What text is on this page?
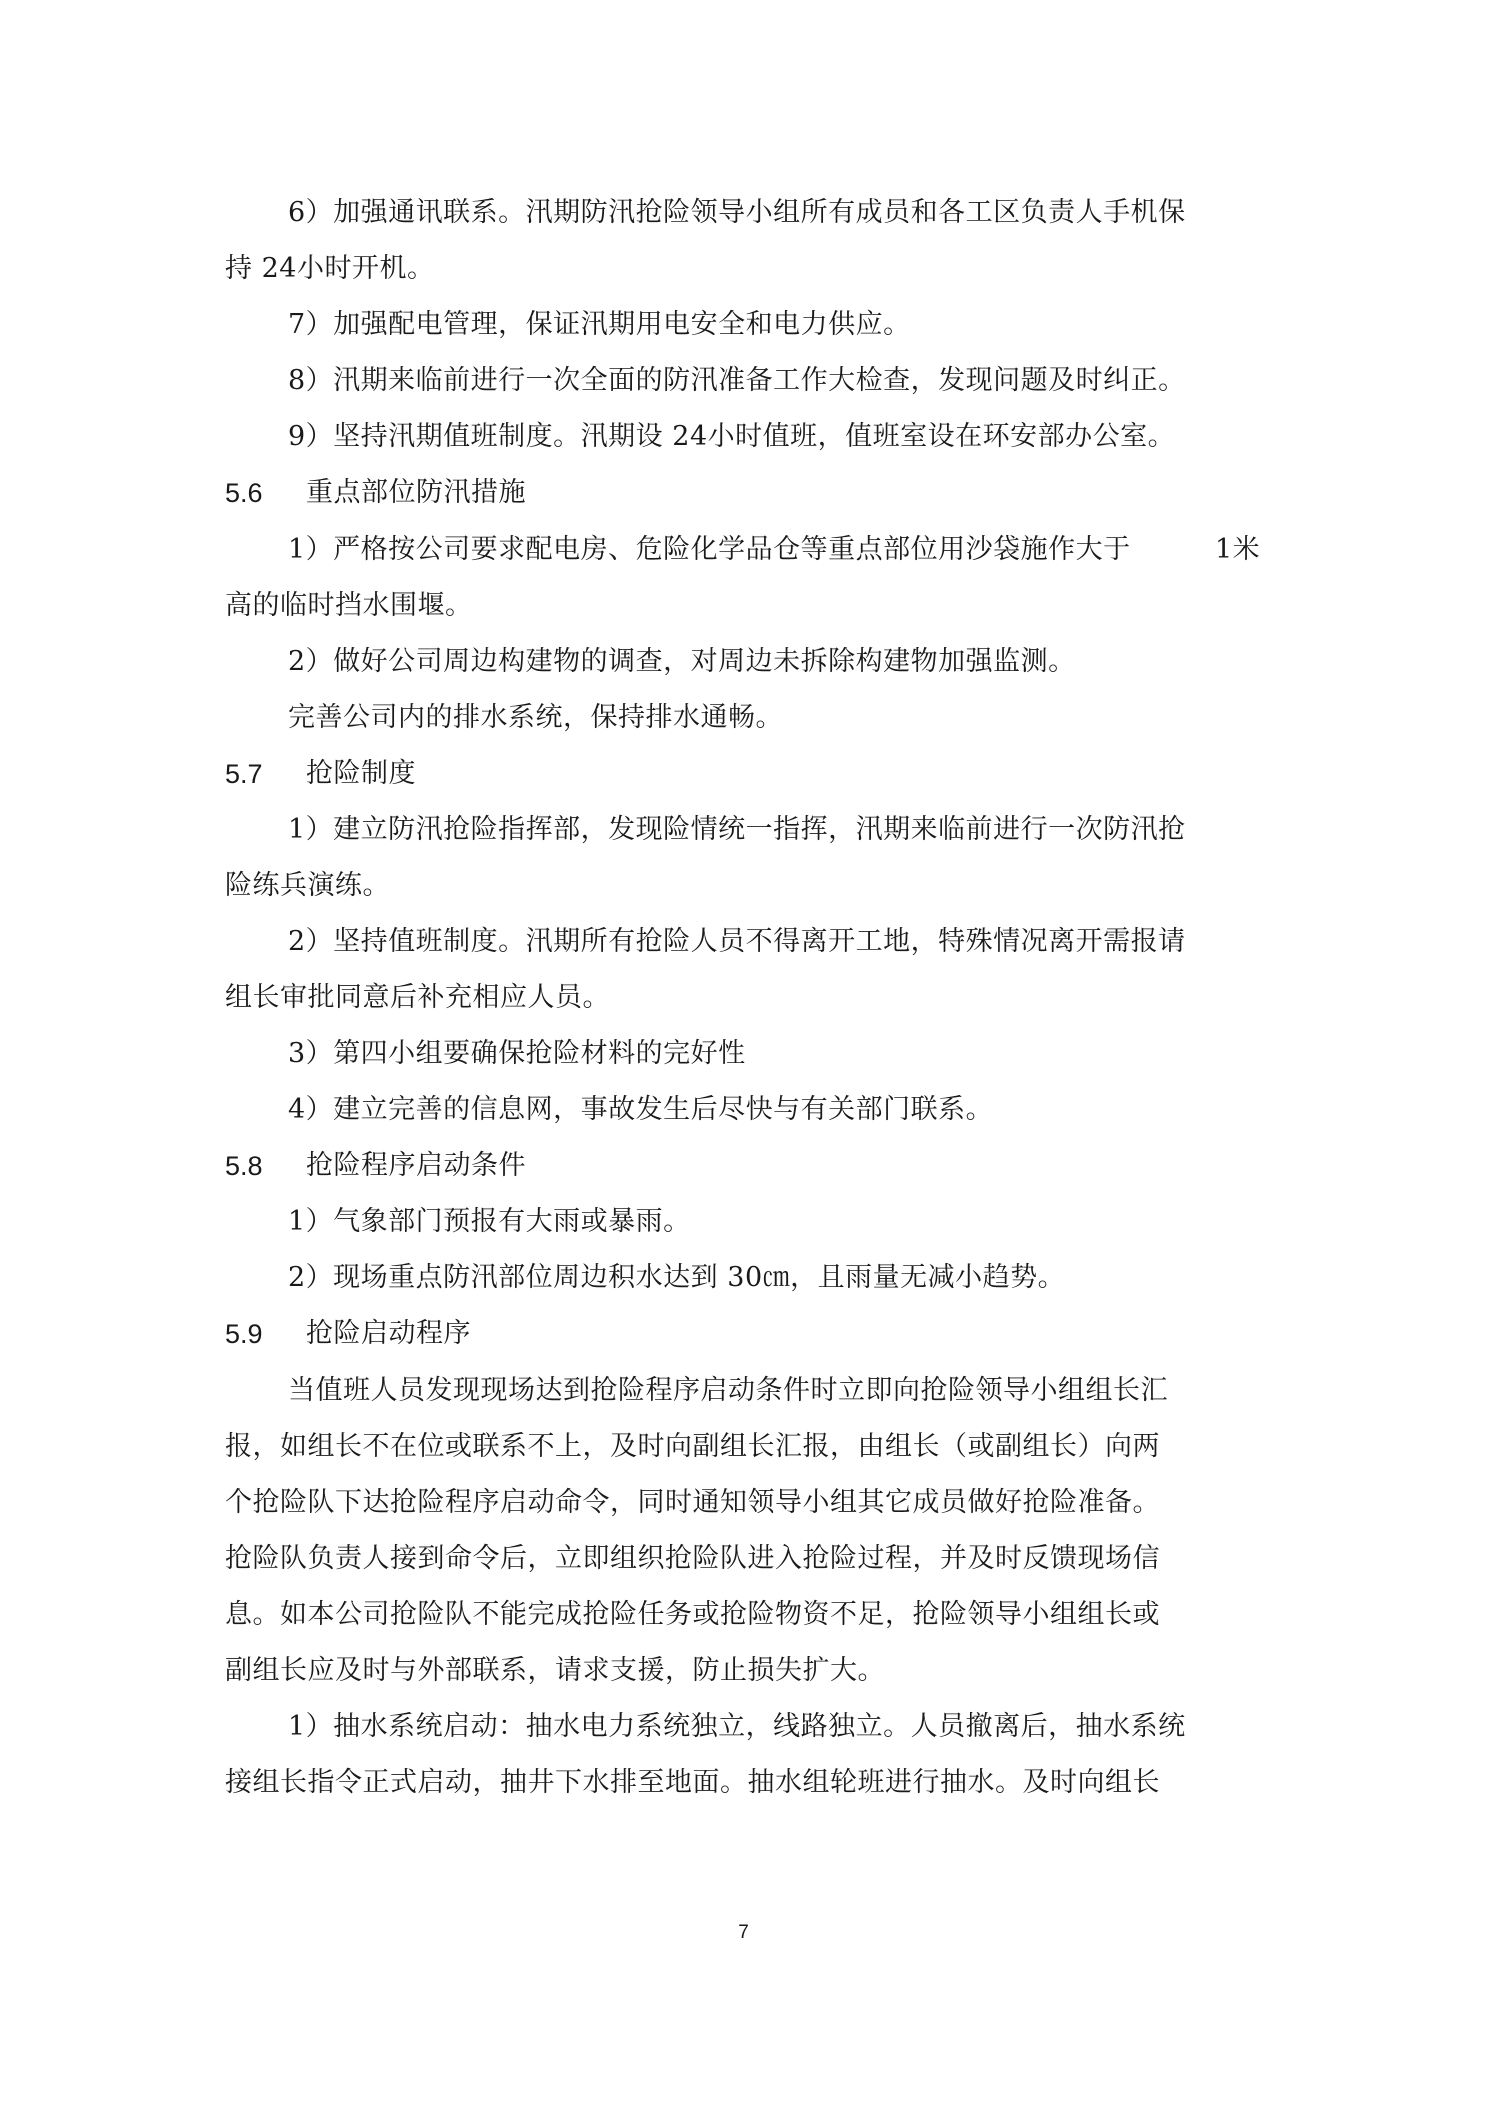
6）加强通讯联系。汛期防汛抢险领导小组所有成员和各工区负责人手机保
持 24小时开机。
7）加强配电管理，保证汛期用电安全和电力供应。
8）汛期来临前进行一次全面的防汛准备工作大检查，发现问题及时纠正。
9）坚持汛期值班制度。汛期设 24小时值班，值班室设在环安部办公室。
5.6 重点部位防汛措施
1）严格按公司要求配电房、危险化学品仓等重点部位用沙袋施作大于	1米
高的临时挡水围堰。
2）做好公司周边构建物的调查，对周边未拆除构建物加强监测。
完善公司内的排水系统，保持排水通畅。
5.7 抢险制度
1）建立防汛抢险指挥部，发现险情统一指挥，汛期来临前进行一次防汛抢
险练兵演练。
2）坚持值班制度。汛期所有抢险人员不得离开工地，特殊情况离开需报请
组长审批同意后补充相应人员。
3）第四小组要确保抢险材料的完好性
4）建立完善的信息网，事故发生后尽快与有关部门联系。
5.8 抢险程序启动条件
1）气象部门预报有大雨或暴雨。
2）现场重点防汛部位周边积水达到 30㎝，且雨量无减小趋势。
5.9 抢险启动程序
当值班人员发现现场达到抢险程序启动条件时立即向抢险领导小组组长汇
报，如组长不在位或联系不上，及时向副组长汇报，由组长（或副组长）向两
个抢险队下达抢险程序启动命令，同时通知领导小组其它成员做好抢险准备。
抢险队负责人接到命令后，立即组织抢险队进入抢险过程，并及时反馈现场信
息。如本公司抢险队不能完成抢险任务或抢险物资不足，抢险领导小组组长或
副组长应及时与外部联系，请求支援，防止损失扩大。
1）抽水系统启动：抽水电力系统独立，线路独立。人员撤离后，抽水系统
接组长指令正式启动，抽井下水排至地面。抽水组轮班进行抽水。及时向组长
7
